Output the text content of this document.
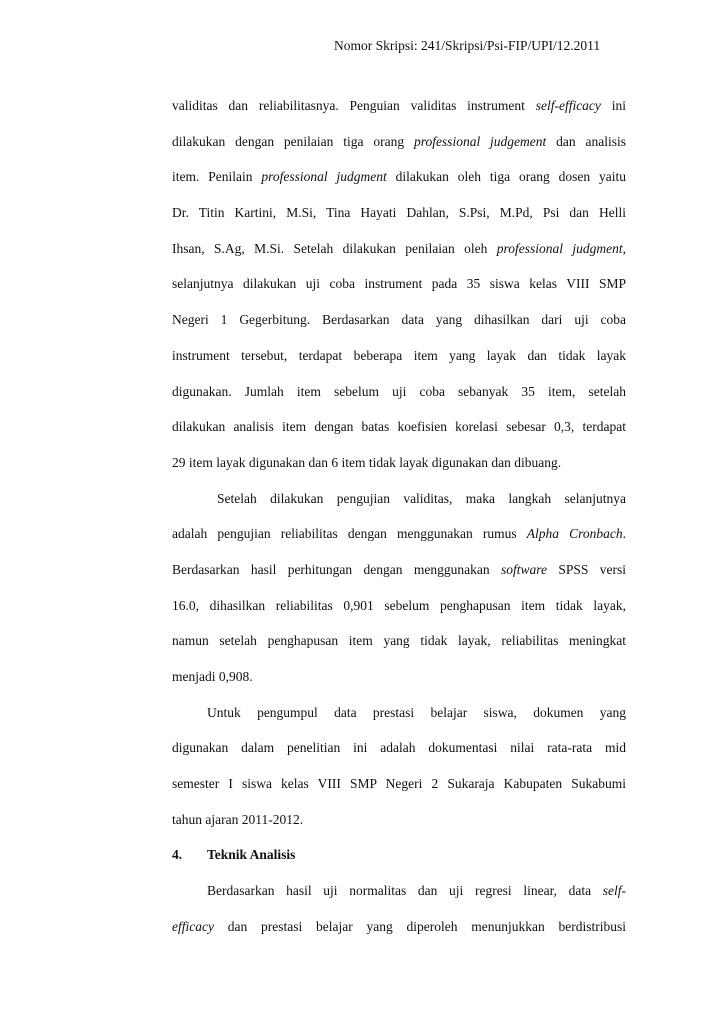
Nomor Skripsi: 241/Skripsi/Psi-FIP/UPI/12.2011
validitas dan reliabilitasnya. Penguian validitas instrument self-efficacy ini
dilakukan dengan penilaian tiga orang professional judgement dan analisis
item. Penilain professional judgment dilakukan oleh tiga orang dosen yaitu
Dr. Titin Kartini, M.Si, Tina Hayati Dahlan, S.Psi, M.Pd, Psi dan Helli
Ihsan, S.Ag, M.Si. Setelah dilakukan penilaian oleh professional judgment,
selanjutnya dilakukan uji coba instrument pada 35 siswa kelas VIII SMP
Negeri 1 Gegerbitung. Berdasarkan data yang dihasilkan dari uji coba
instrument tersebut, terdapat beberapa item yang layak dan tidak layak
digunakan. Jumlah item sebelum uji coba sebanyak 35 item, setelah
dilakukan analisis item dengan batas koefisien korelasi sebesar 0,3, terdapat
29 item layak digunakan dan 6 item tidak layak digunakan dan dibuang.
Setelah dilakukan pengujian validitas, maka langkah selanjutnya
adalah pengujian reliabilitas dengan menggunakan rumus Alpha Cronbach.
Berdasarkan hasil perhitungan dengan menggunakan software SPSS versi
16.0, dihasilkan reliabilitas 0,901 sebelum penghapusan item tidak layak,
namun setelah penghapusan item yang tidak layak, reliabilitas meningkat
menjadi 0,908.
Untuk pengumpul data prestasi belajar siswa, dokumen yang
digunakan dalam penelitian ini adalah dokumentasi nilai rata-rata mid
semester I siswa kelas VIII SMP Negeri 2 Sukaraja Kabupaten Sukabumi
tahun ajaran 2011-2012.
4. Teknik Analisis
Berdasarkan hasil uji normalitas dan uji regresi linear, data self-
efficacy dan prestasi belajar yang diperoleh menunjukkan berdistribusi
